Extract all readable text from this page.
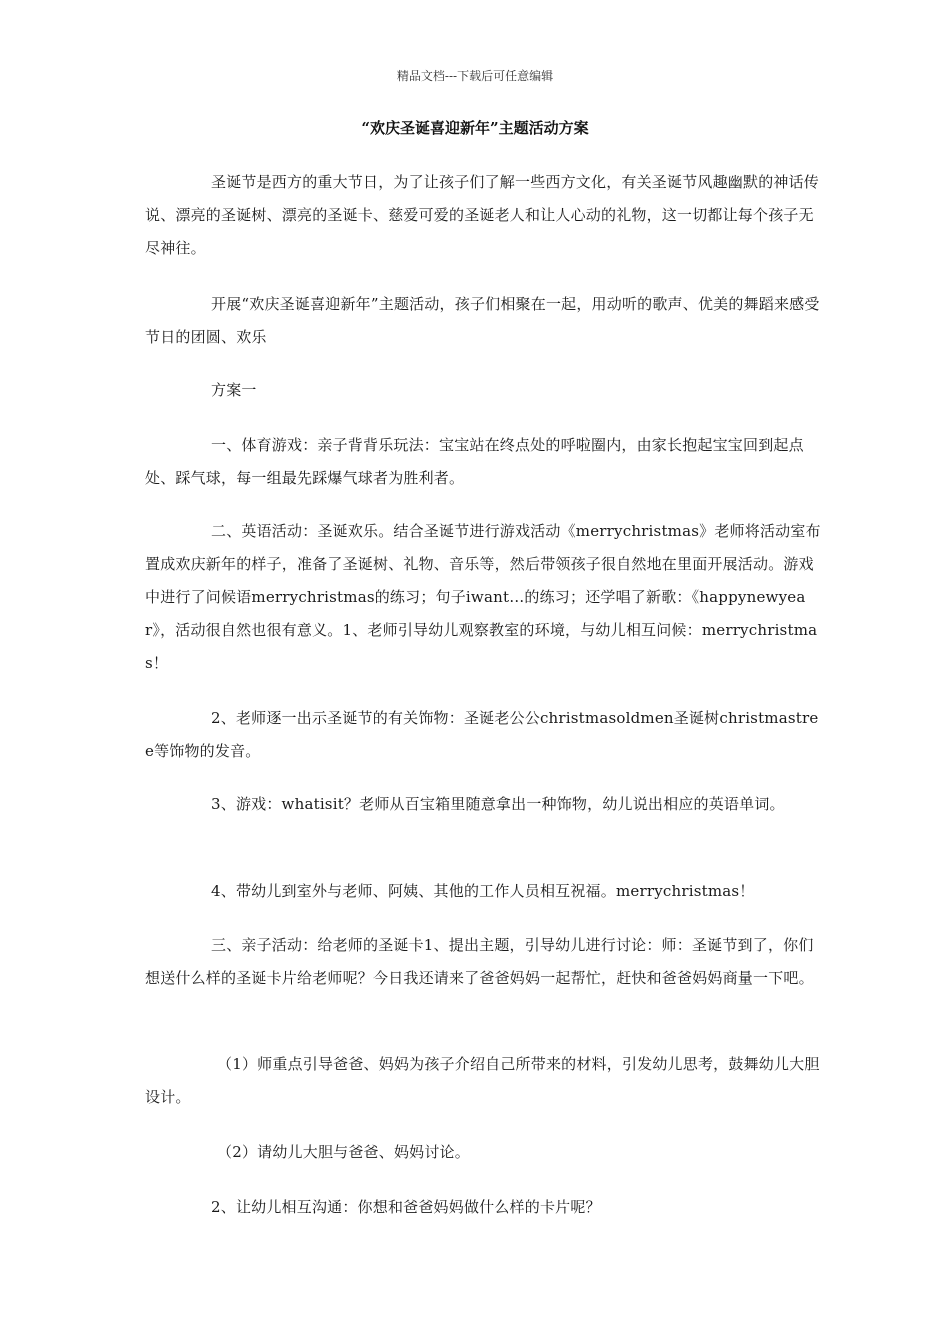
精品文档---下载后可任意编辑
“欢庆圣诞喜迎新年”主题活动方案
圣诞节是西方的重大节日，为了让孩子们了解一些西方文化，有关圣诞节风趣幽默的神话传说、漂亮的圣诞树、漂亮的圣诞卡、慈爱可爱的圣诞老人和让人心动的礼物，这一切都让每个孩子无尽神往。
开展“欢庆圣诞喜迎新年”主题活动，孩子们相聚在一起，用动听的歌声、优美的舞蹈来感受节日的团圆、欢乐
方案一
一、体育游戏：亲子背背乐玩法：宝宝站在终点处的呼啦圈内，由家长抱起宝宝回到起点处、踩气球，每一组最先踩爆气球者为胜利者。
二、英语活动：圣诞欢乐。结合圣诞节进行游戏活动《merrychristmas》老师将活动室布置成欢庆新年的样子，准备了圣诞树、礼物、音乐等，然后带领孩子很自然地在里面开展活动。游戏中进行了问候语merrychristmas的练习；句子iwant…的练习；还学唱了新歌：《happynewyear》，活动很自然也很有意义。1、老师引导幼儿观察教室的环境，与幼儿相互问候：merrychristmas！
2、老师逐一出示圣诞节的有关饰物：圣诞老公公christmasoldmen圣诞树christmastree等饰物的发音。
3、游戏：whatisit？老师从百宝箱里随意拿出一种饰物，幼儿说出相应的英语单词。
4、带幼儿到室外与老师、阿姨、其他的工作人员相互祝福。merrychristmas！
三、亲子活动：给老师的圣诞卡1、提出主题，引导幼儿进行讨论：师：圣诞节到了，你们想送什么样的圣诞卡片给老师呢？今日我还请来了爸爸妈妈一起帮忙，赶快和爸爸妈妈商量一下吧。
（1）师重点引导爸爸、妈妈为孩子介绍自己所带来的材料，引发幼儿思考，鼓舞幼儿大胆设计。
（2）请幼儿大胆与爸爸、妈妈讨论。
2、让幼儿相互沟通：你想和爸爸妈妈做什么样的卡片呢？
